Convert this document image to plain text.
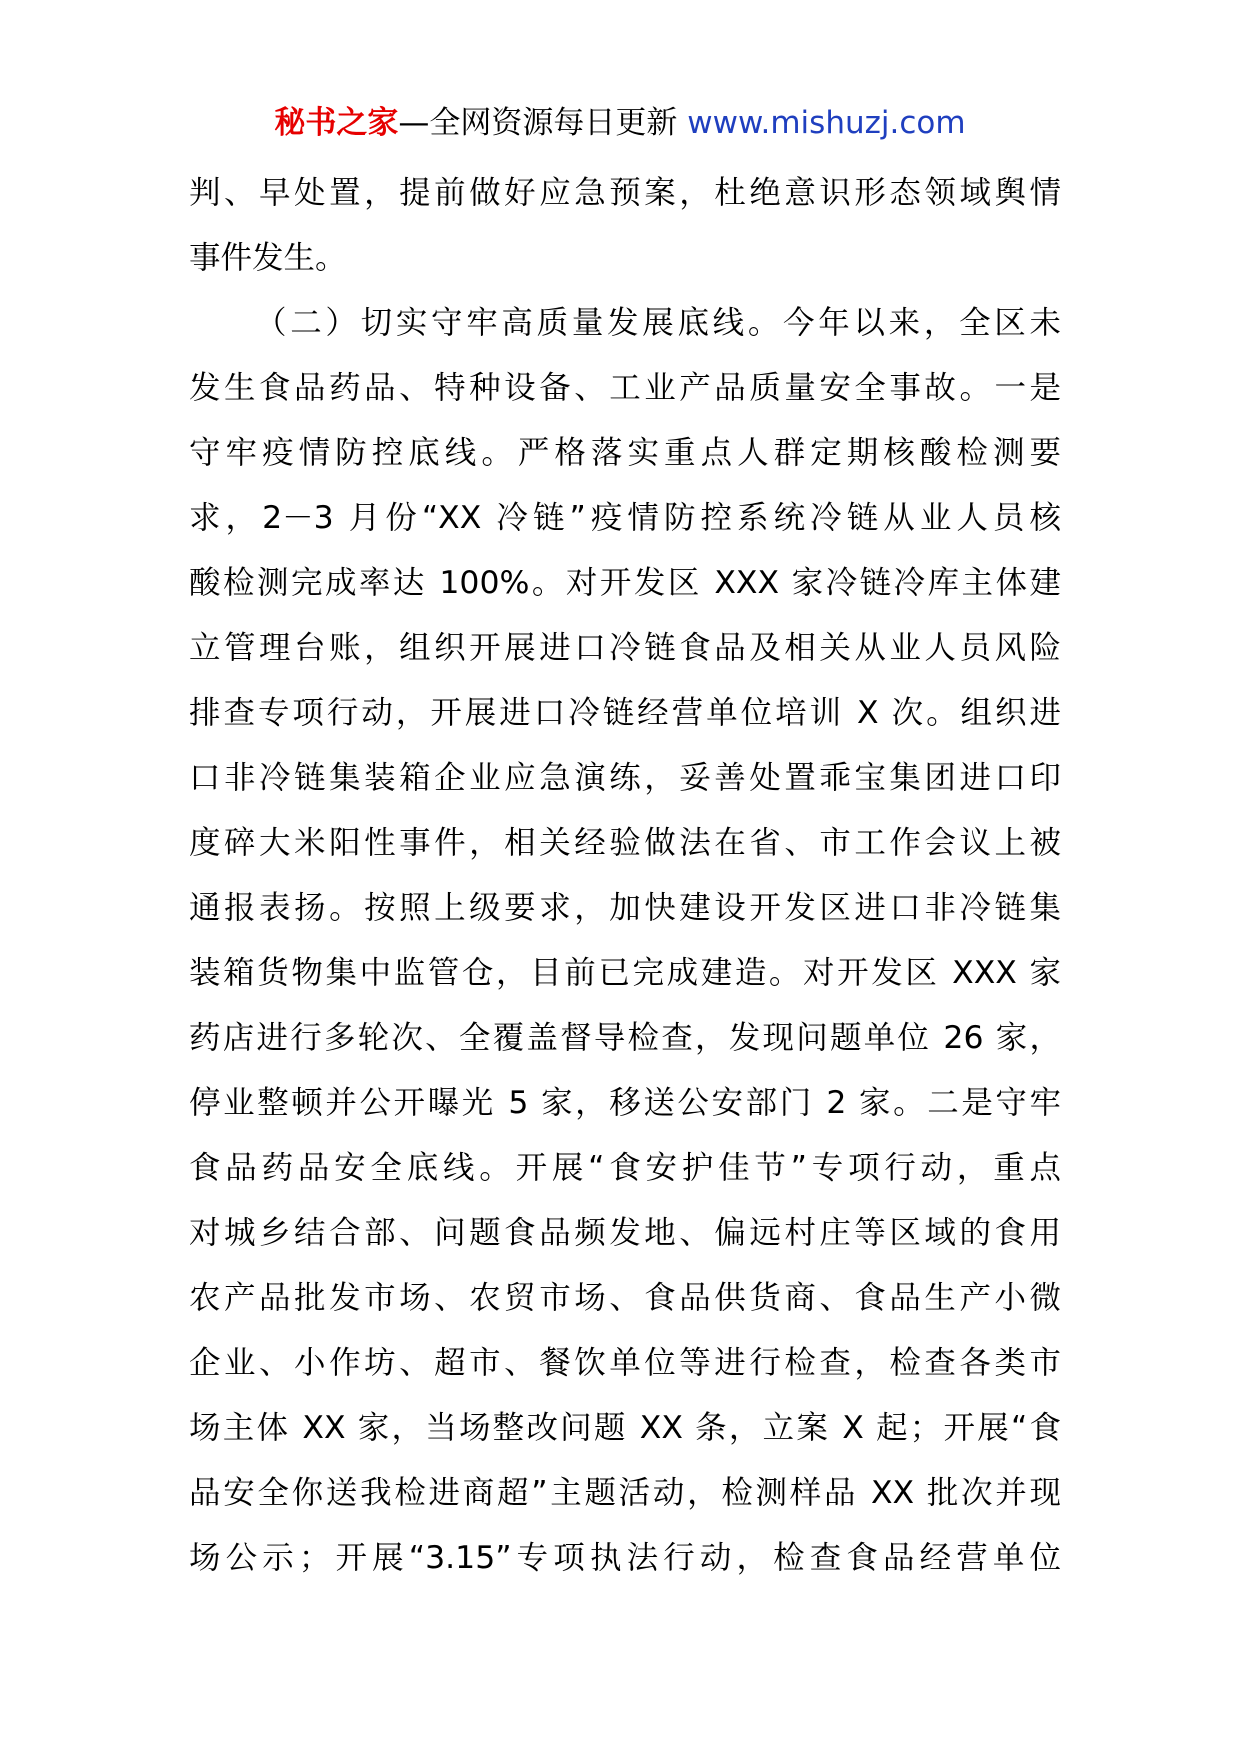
秘书之家—全网资源每日更新 www.mishuzj.com
判、早处置，提前做好应急预案，杜绝意识形态领域舆情
事件发生。
（二）切实守牢高质量发展底线。今年以来，全区未
发生食品药品、特种设备、工业产品质量安全事故。一是
守牢疫情防控底线。严格落实重点人群定期核酸检测要
求，2－3 月份“XX 冷链”疫情防控系统冷链从业人员核
酸检测完成率达 100%。对开发区 XXX 家冷链冷库主体建
立管理台账，组织开展进口冷链食品及相关从业人员风险
排查专项行动，开展进口冷链经营单位培训 X 次。组织进
口非冷链集装箱企业应急演练，妥善处置乖宝集团进口印
度碎大米阳性事件，相关经验做法在省、市工作会议上被
通报表扬。按照上级要求，加快建设开发区进口非冷链集
装箱货物集中监管仓，目前已完成建造。对开发区 XXX 家
药店进行多轮次、全覆盖督导检查，发现问题单位 26 家，
停业整顿并公开曝光 5 家，移送公安部门 2 家。二是守牢
食品药品安全底线。开展“食安护佳节”专项行动，重点
对城乡结合部、问题食品频发地、偏远村庄等区域的食用
农产品批发市场、农贸市场、食品供货商、食品生产小微
企业、小作坊、超市、餐饮单位等进行检查，检查各类市
场主体 XX 家，当场整改问题 XX 条，立案 X 起；开展“食
品安全你送我检进商超”主题活动，检测样品 XX 批次并现
场公示；开展“3.15”专项执法行动，检查食品经营单位
